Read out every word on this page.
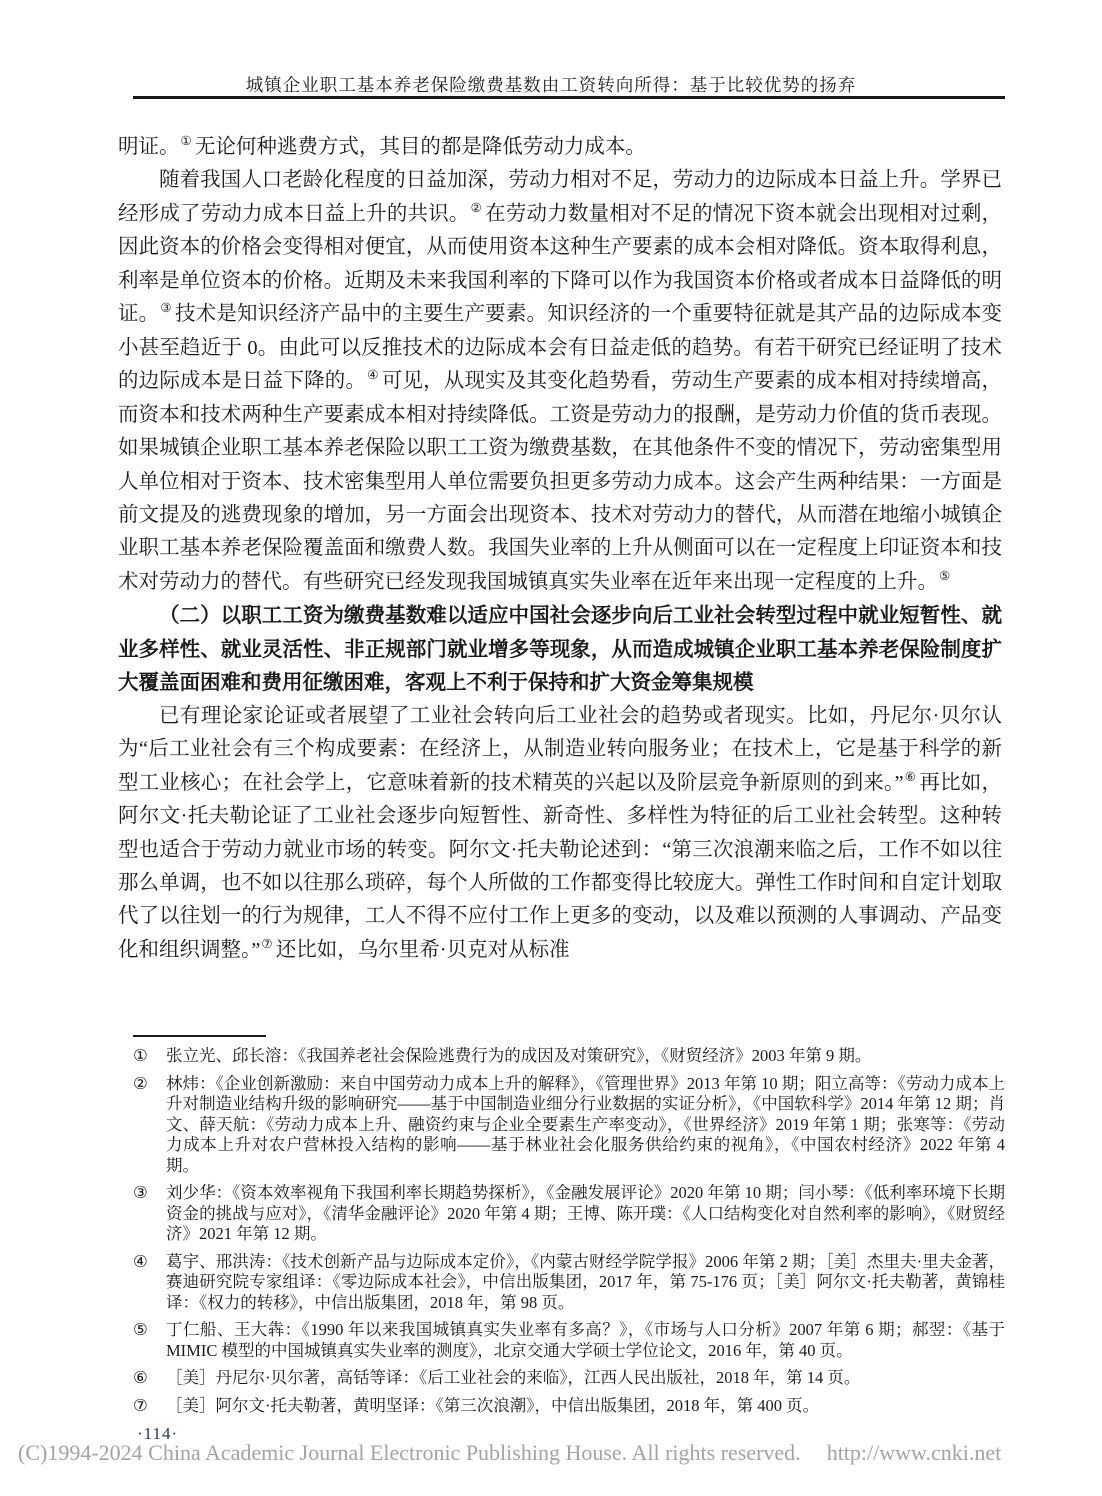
城镇企业职工基本养老保险缴费基数由工资转向所得：基于比较优势的扬弃

明证。① 无论何种逃费方式，其目的都是降低劳动力成本。

随着我国人口老龄化程度的日益加深，劳动力相对不足，劳动力的边际成本日益上升。学界已经形成了劳动力成本日益上升的共识。② 在劳动力数量相对不足的情况下资本就会出现相对过剩，因此资本的价格会变得相对便宜，从而使用资本这种生产要素的成本会相对降低。资本取得利息，利率是单位资本的价格。近期及未来我国利率的下降可以作为我国资本价格或者成本日益降低的明证。③ 技术是知识经济产品中的主要生产要素。知识经济的一个重要特征就是其产品的边际成本变小甚至趋近于 0。由此可以反推技术的边际成本会有日益走低的趋势。有若干研究已经证明了技术的边际成本是日益下降的。④ 可见，从现实及其变化趋势看，劳动生产要素的成本相对持续增高，而资本和技术两种生产要素成本相对持续降低。工资是劳动力的报酬，是劳动力价值的货币表现。如果城镇企业职工基本养老保险以职工工资为缴费基数，在其他条件不变的情况下，劳动密集型用人单位相对于资本、技术密集型用人单位需要负担更多劳动力成本。这会产生两种结果：一方面是前文提及的逃费现象的增加，另一方面会出现资本、技术对劳动力的替代，从而潜在地缩小城镇企业职工基本养老保险覆盖面和缴费人数。我国失业率的上升从侧面可以在一定程度上印证资本和技术对劳动力的替代。有些研究已经发现我国城镇真实失业率在近年来出现一定程度的上升。⑤

（二）以职工工资为缴费基数难以适应中国社会逐步向后工业社会转型过程中就业短暂性、就业多样性、就业灵活性、非正规部门就业增多等现象，从而造成城镇企业职工基本养老保险制度扩大覆盖面困难和费用征缴困难，客观上不利于保持和扩大资金筹集规模

已有理论家论证或者展望了工业社会转向后工业社会的趋势或者现实。比如，丹尼尔·贝尔认为“后工业社会有三个构成要素：在经济上，从制造业转向服务业；在技术上，它是基于科学的新型工业核心；在社会学上，它意味着新的技术精英的兴起以及阶层竞争新原则的到来。”⑥ 再比如，阿尔文·托夫勒论证了工业社会逐步向短暂性、新奇性、多样性为特征的后工业社会转型。这种转型也适合于劳动力就业市场的转变。阿尔文·托夫勒论述到：“第三次浪潮来临之后，工作不如以往那么单调，也不如以往那么琐碎，每个人所做的工作都变得比较庞大。弹性工作时间和自定计划取代了以往划一的行为规律，工人不得不应付工作上更多的变动，以及难以预测的人事调动、产品变化和组织调整。”⑦ 还比如，乌尔里希·贝克对从标准

①	张立光、邱长溶：《我国养老社会保险逃费行为的成因及对策研究》，《财贸经济》2003 年第 9 期。
②	林炜：《企业创新激励：来自中国劳动力成本上升的解释》，《管理世界》2013 年第 10 期；阳立高等：《劳动力成本上升对制造业结构升级的影响研究——基于中国制造业细分行业数据的实证分析》，《中国软科学》2014 年第 12 期；肖文、薛天航：《劳动力成本上升、融资约束与企业全要素生产率变动》，《世界经济》2019 年第 1 期；张寒等：《劳动力成本上升对农户营林投入结构的影响——基于林业社会化服务供给约束的视角》，《中国农村经济》2022 年第 4 期。
③	刘少华：《资本效率视角下我国利率长期趋势探析》，《金融发展评论》2020 年第 10 期；闫小琴：《低利率环境下长期资金的挑战与应对》，《清华金融评论》2020 年第 4 期；王博、陈开璞：《人口结构变化对自然利率的影响》，《财贸经济》2021 年第 12 期。
④	葛宇、邢洪涛：《技术创新产品与边际成本定价》，《内蒙古财经学院学报》2006 年第 2 期；［美］杰里夫·里夫金著，赛迪研究院专家组译：《零边际成本社会》，中信出版集团，2017 年，第 75-176 页；［美］阿尔文·托夫勒著，黄锦桂译：《权力的转移》，中信出版集团，2018 年，第 98 页。
⑤	丁仁船、王大犇：《1990 年以来我国城镇真实失业率有多高？》，《市场与人口分析》2007 年第 6 期；郝翌：《基于 MIMIC 模型的中国城镇真实失业率的测度》，北京交通大学硕士学位论文，2016 年，第 40 页。
⑥	［美］丹尼尔·贝尔著，高铦等译：《后工业社会的来临》，江西人民出版社，2018 年，第 14 页。
⑦	［美］阿尔文·托夫勒著，黄明坚译：《第三次浪潮》，中信出版集团，2018 年，第 400 页。
·114·
(C)1994-2024 China Academic Journal Electronic Publishing House. All rights reserved. http://www.cnki.net
